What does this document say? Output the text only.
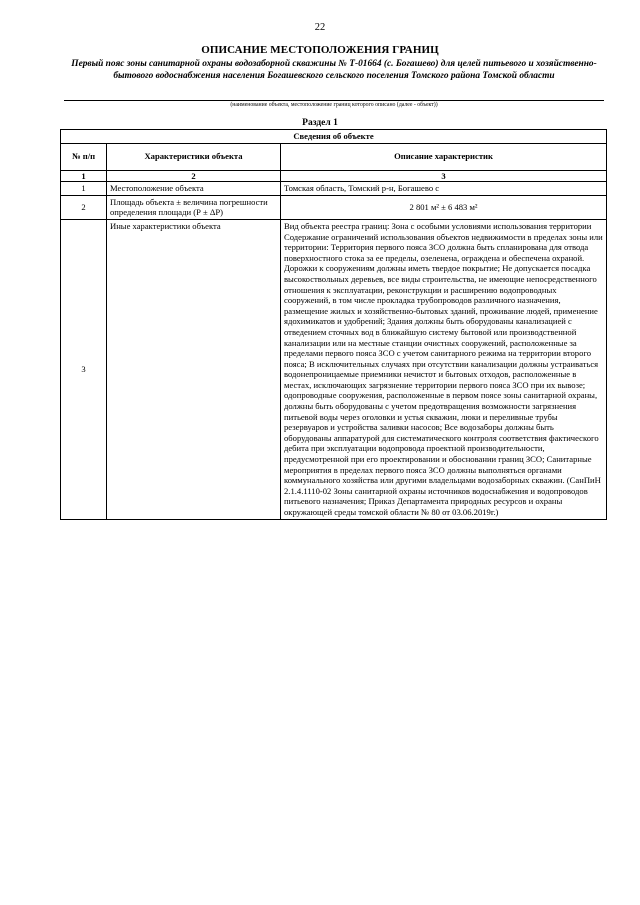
22
ОПИСАНИЕ МЕСТОПОЛОЖЕНИЯ ГРАНИЦ
Первый пояс зоны санитарной охраны водозаборной скважины № Т-01664 (с. Богашево) для целей питьевого и хозяйственно-бытового водоснабжения населения Богашевского сельского поселения Томского района Томской области
(наименование объекта, местоположение границ которого описано (далее - объект))
Раздел 1
Сведения об объекте		
№ п/п	Характеристики объекта	Описание характеристик
1	2	3
1	Местоположение объекта	Томская область, Томский р-н, Богашево с
2	Площадь объекта ± величина погрешности определения площади (Р ± ΔР)	2 801 м² ± 6 483 м²
3	Иные характеристики объекта	Вид объекта реестра границ: Зона с особыми условиями использования территории
Содержание ограничений использования объектов недвижимости в пределах зоны или территории: Территория первого пояса ЗСО должна быть спланирована для отвода поверхностного стока за ее пределы, озеленена, ограждена и обеспечена охраной. Дорожки к сооружениям должны иметь твердое покрытие; Не допускается посадка высокоствольных деревьев, все виды строительства, не имеющие непосредственного отношения к эксплуатации, реконструкции и расширению водопроводных сооружений, в том числе прокладка трубопроводов различного назначения, размещение жилых и хозяйственно-бытовых зданий, проживание людей, применение ядохимикатов и удобрений; Здания должны быть оборудованы канализацией с отведением сточных вод в ближайшую систему бытовой или производственной канализации или на местные станции очистных сооружений, расположенные за пределами первого пояса ЗСО с учетом санитарного режима на территории второго пояса; В исключительных случаях при отсутствии канализации должны устраиваться водонепроницаемые приемники нечистот и бытовых отходов, расположенные в местах, исключающих загрязнение территории первого пояса ЗСО при их вывозе; одопроводные сооружения, расположенные в первом поясе зоны санитарной охраны, должны быть оборудованы с учетом предотвращения возможности загрязнения питьевой воды через оголовки и устья скважин, люки и переливные трубы резервуаров и устройства заливки насосов; Все водозаборы должны быть оборудованы аппаратурой для систематического контроля соответствия фактического дебита при эксплуатации водопровода проектной производительности, предусмотренной при его проектировании и обосновании границ ЗСО; Санитарные мероприятия в пределах первого пояса ЗСО должны выполняться органами коммунального хозяйства или другими владельцами водозаборных скважин. (СанПиН 2.1.4.1110-02 Зоны санитарной охраны источников водоснабжения и водопроводов питьевого назначения; Приказ Департамента природных ресурсов и охраны окружающей среды томской области № 80 от 03.06.2019г.)
